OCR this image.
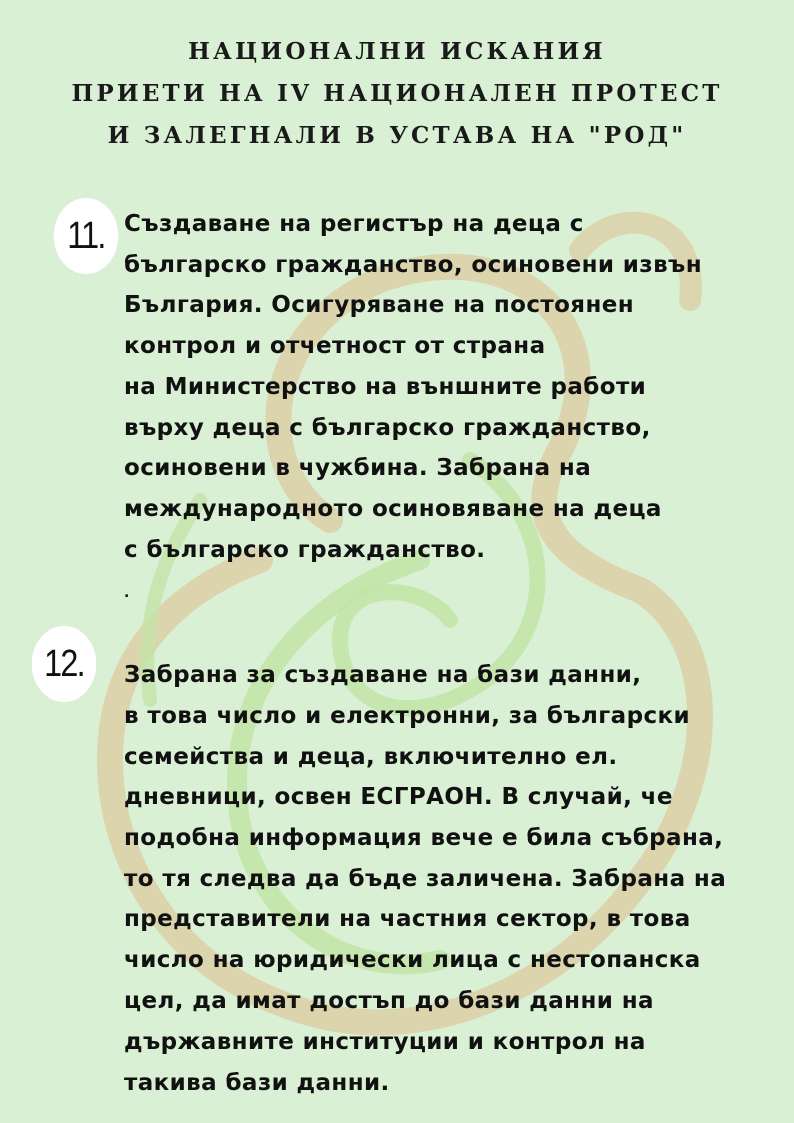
НАЦИОНАЛНИ ИСКАНИЯ
ПРИЕТИ НА IV НАЦИОНАЛЕН ПРОТЕСТ
И ЗАЛЕГНАЛИ В УСТАВА НА "РОД"
11. Създаване на регистър на деца с
българско гражданство, осиновени извън
България. Осигуряване на постоянен
контрол и отчетност от страна
на Министерство на външните работи
върху деца с българско гражданство,
осиновени в чужбина. Забрана на
международното осиновяване на деца
с българско гражданство.
.
12.	Забрана за създаване на бази данни,
в това число и електронни, за български
семейства и деца, включително ел.
дневници, освен ЕСГРАОН. В случай, че
подобна информация вече е била събрана,
то тя следва да бъде заличена. Забрана на
представители на частния сектор, в това
число на юридически лица с нестопанска
цел, да имат достъп до бази данни на
държавните институции и контрол на
такива бази данни.
